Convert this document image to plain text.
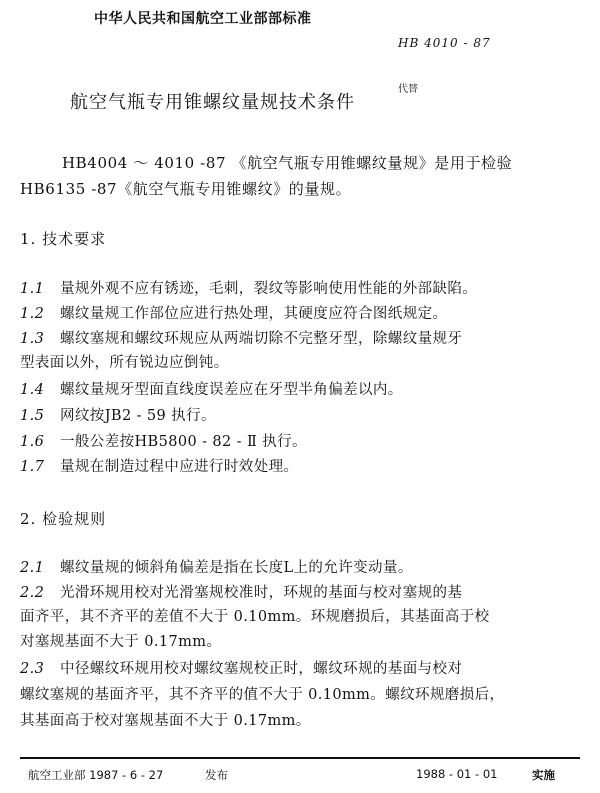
中华人民共和国航空工业部部标准
HB 4010 - 87
代替
航空气瓶专用锥螺纹量规技术条件
HB4004 ～ 4010 -87 《航空气瓶专用锥螺纹量规》是用于检验
HB6135 -87《航空气瓶专用锥螺纹》的量规。
1. 技术要求
1.1 量规外观不应有锈迹，毛刺，裂纹等影响使用性能的外部缺陷。
1.2 螺纹量规工作部位应进行热处理，其硬度应符合图纸规定。
1.3 螺纹塞规和螺纹环规应从两端切除不完整牙型，除螺纹量规牙
型表面以外，所有锐边应倒钝。
1.4 螺纹量规牙型面直线度误差应在牙型半角偏差以内。
1.5 网纹按JB2 - 59 执行。
1.6 一般公差按HB5800 - 82 - Ⅱ 执行。
1.7 量规在制造过程中应进行时效处理。
2. 检验规则
2.1 螺纹量规的倾斜角偏差是指在长度L上的允许变动量。
2.2 光滑环规用校对光滑塞规校准时，环规的基面与校对塞规的基
面齐平，其不齐平的差值不大于 0.10mm。环规磨损后，其基面高于校
对塞规基面不大于 0.17mm。
2.3 中径螺纹环规用校对螺纹塞规校正时，螺纹环规的基面与校对
螺纹塞规的基面齐平，其不齐平的值不大于 0.10mm。螺纹环规磨损后，
其基面高于校对塞规基面不大于 0.17mm。
航空工业部 1987 - 6 - 27	发布	1988 - 01 - 01	实施
